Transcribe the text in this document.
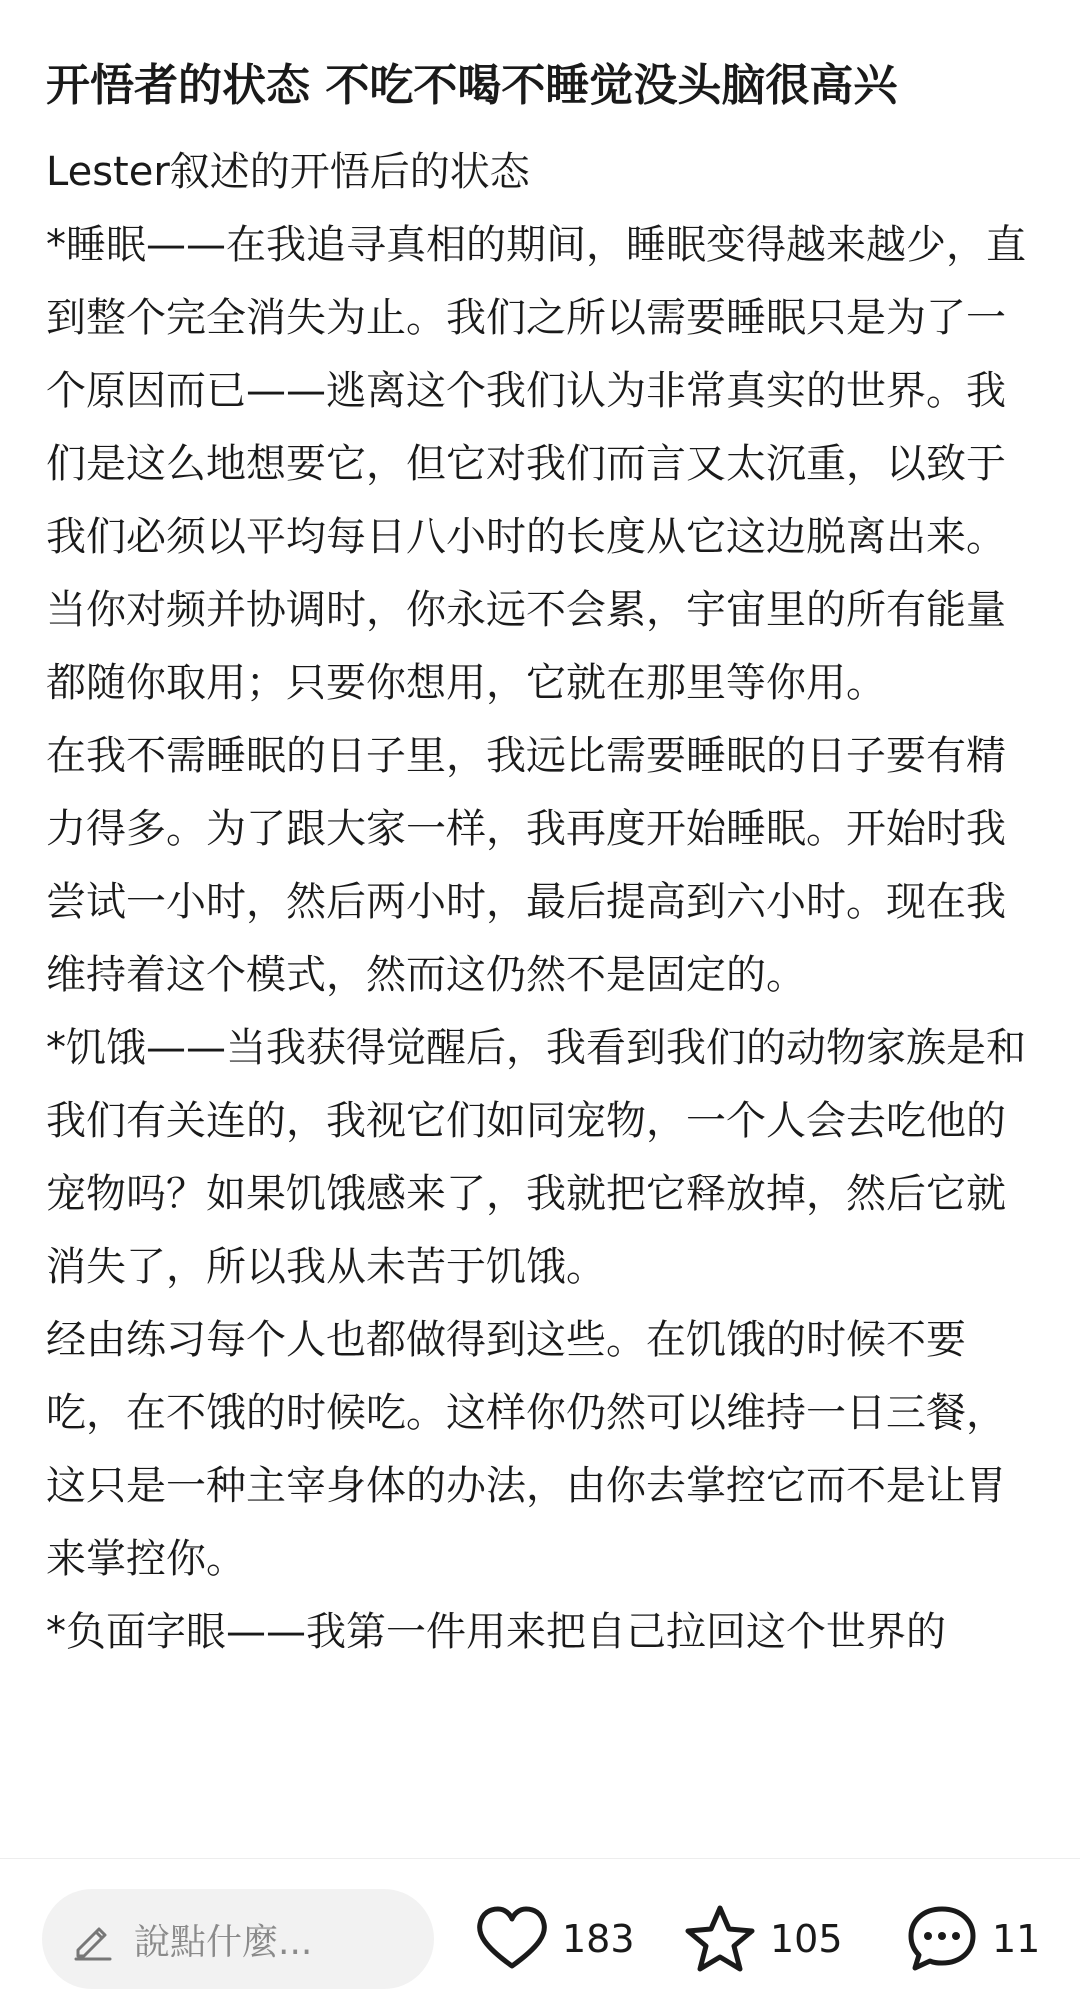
开悟者的状态 不吃不喝不睡觉没头脑很高兴

Lester叙述的开悟后的状态

*睡眠——在我追寻真相的期间，睡眠变得越来越少，直到整个完全消失为止。我们之所以需要睡眠只是为了一个原因而已——逃离这个我们认为非常真实的世界。我们是这么地想要它，但它对我们而言又太沉重，以致于我们必须以平均每日八小时的长度从它这边脱离出来。

当你对频并协调时，你永远不会累，宇宙里的所有能量都随你取用；只要你想用，它就在那里等你用。

在我不需睡眠的日子里，我远比需要睡眠的日子要有精力得多。为了跟大家一样，我再度开始睡眠。开始时我尝试一小时，然后两小时，最后提高到六小时。现在我维持着这个模式，然而这仍然不是固定的。

*饥饿——当我获得觉醒后，我看到我们的动物家族是和我们有关连的，我视它们如同宠物，一个人会去吃他的宠物吗？如果饥饿感来了，我就把它释放掉，然后它就消失了，所以我从未苦于饥饿。

经由练习每个人也都做得到这些。在饥饿的时候不要吃，在不饿的时候吃。这样你仍然可以维持一日三餐，这只是一种主宰身体的办法，由你去掌控它而不是让胃来掌控你。

*负面字眼——我第一件用来把自己拉回这个世界的

說點什麼...	183	105	11
